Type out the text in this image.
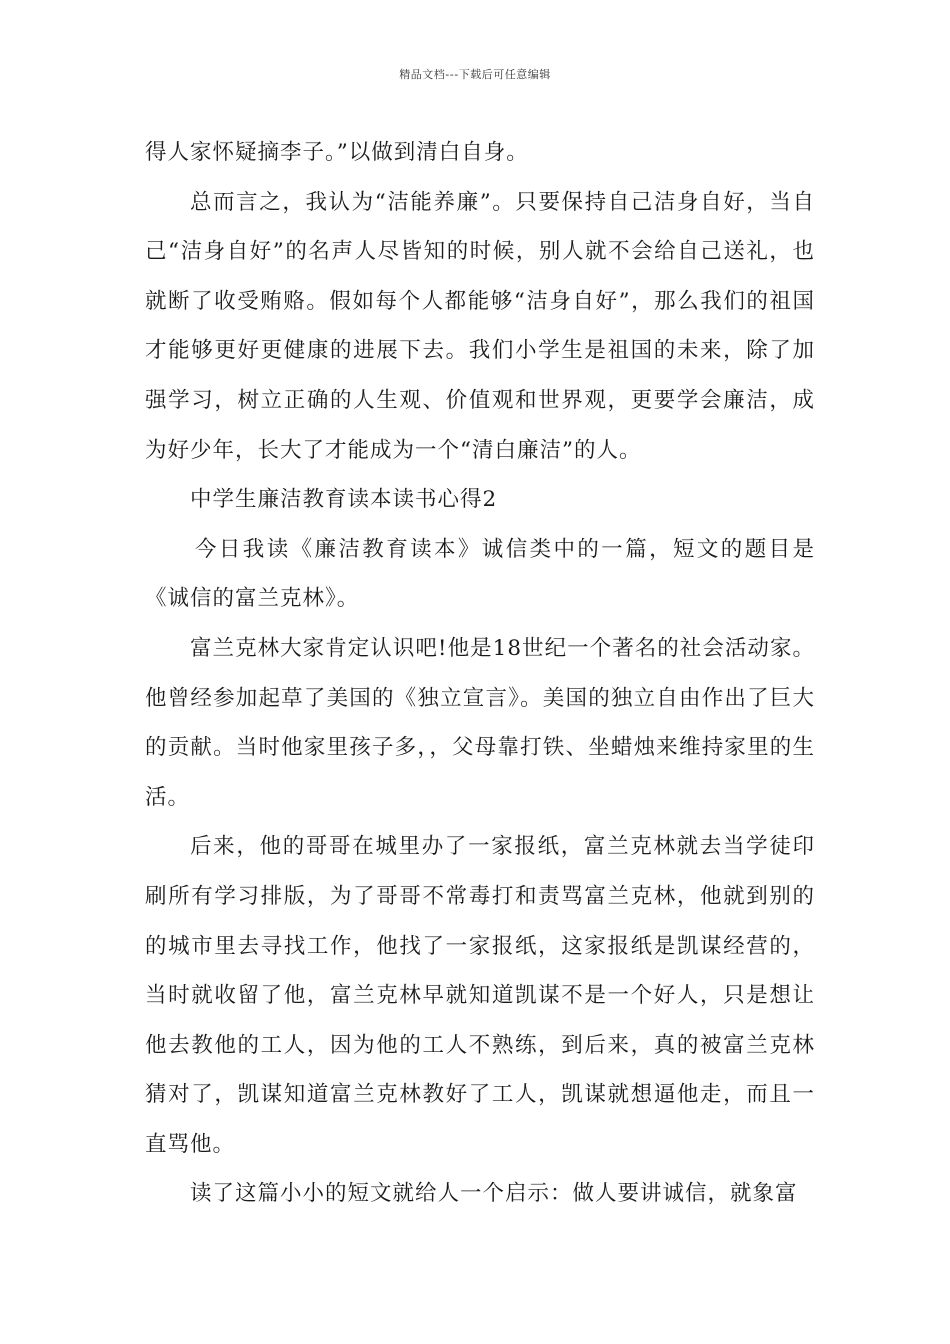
精品文档---下载后可任意编辑

得人家怀疑摘李子。”以做到清白自身。

总而言之，我认为“洁能养廉”。只要保持自己洁身自好，当自己“洁身自好”的名声人尽皆知的时候，别人就不会给自己送礼，也就断了收受贿赂。假如每个人都能够“洁身自好”，那么我们的祖国才能够更好更健康的进展下去。我们小学生是祖国的未来，除了加强学习，树立正确的人生观、价值观和世界观，更要学会廉洁，成为好少年，长大了才能成为一个“清白廉洁”的人。

中学生廉洁教育读本读书心得2

今日我读《廉洁教育读本》诚信类中的一篇，短文的题目是《诚信的富兰克林》。

富兰克林大家肯定认识吧!他是18世纪一个著名的社会活动家。他曾经参加起草了美国的《独立宣言》。美国的独立自由作出了巨大的贡献。当时他家里孩子多，，父母靠打铁、坐蜡烛来维持家里的生活。

后来，他的哥哥在城里办了一家报纸，富兰克林就去当学徒印刷所有学习排版，为了哥哥不常毒打和责骂富兰克林，他就到别的的城市里去寻找工作，他找了一家报纸，这家报纸是凯谋经营的，当时就收留了他，富兰克林早就知道凯谋不是一个好人，只是想让他去教他的工人，因为他的工人不熟练，到后来，真的被富兰克林猜对了，凯谋知道富兰克林教好了工人，凯谋就想逼他走，而且一直骂他。

读了这篇小小的短文就给人一个启示：做人要讲诚信，就象富
